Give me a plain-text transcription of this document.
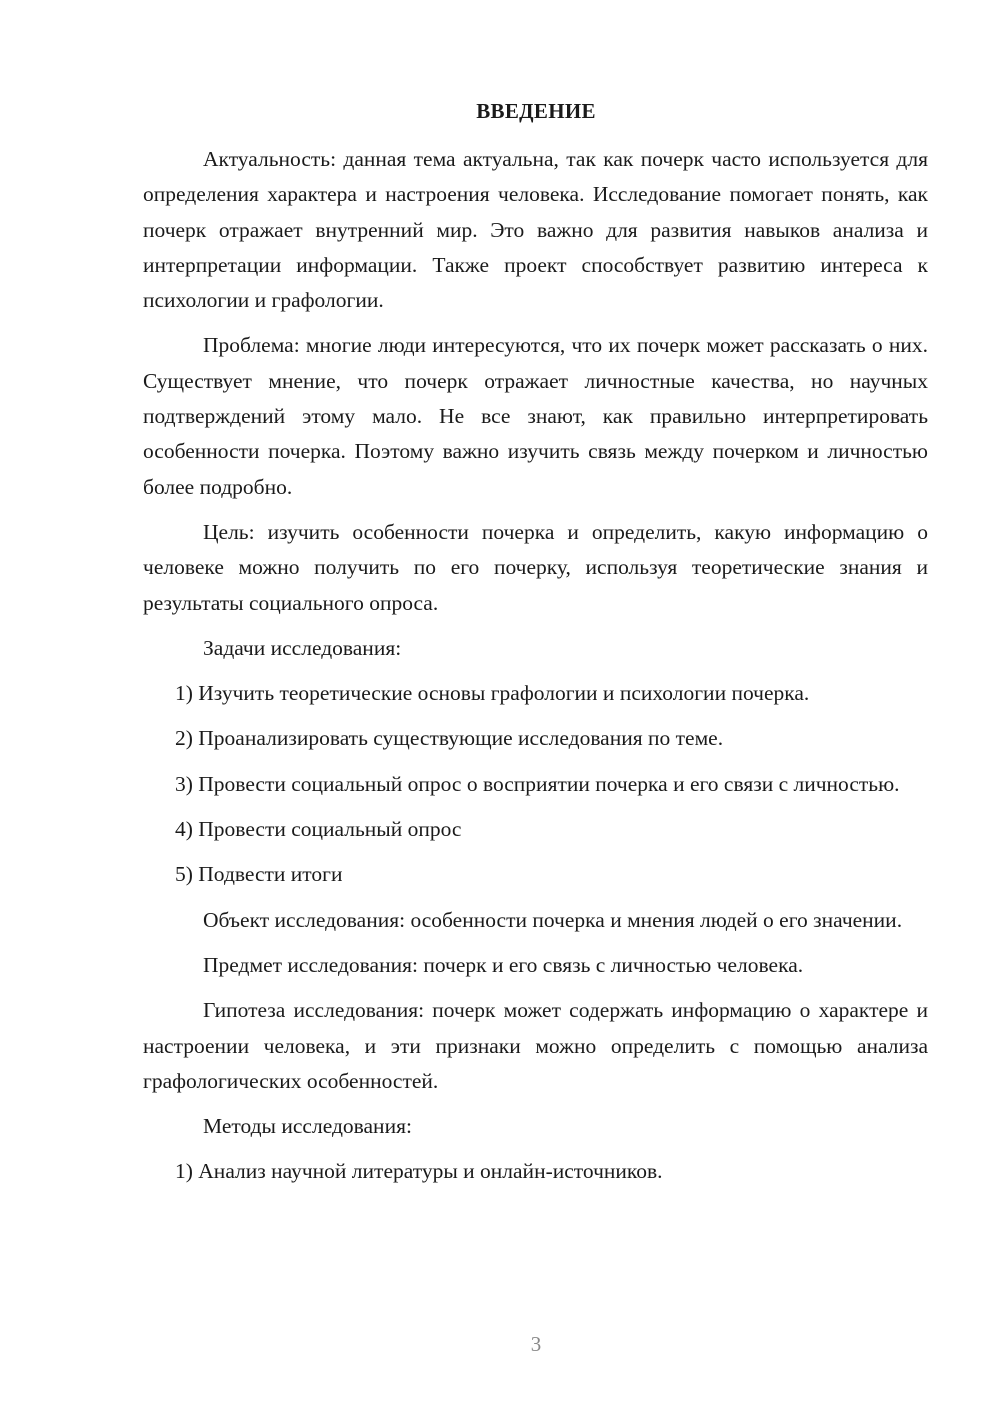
ВВЕДЕНИЕ

Актуальность: данная тема актуальна, так как почерк часто используется для определения характера и настроения человека. Исследование помогает понять, как почерк отражает внутренний мир. Это важно для развития навыков анализа и интерпретации информации. Также проект способствует развитию интереса к психологии и графологии.

Проблема: многие люди интересуются, что их почерк может рассказать о них. Существует мнение, что почерк отражает личностные качества, но научных подтверждений этому мало. Не все знают, как правильно интерпретировать особенности почерка. Поэтому важно изучить связь между почерком и личностью более подробно.

Цель: изучить особенности почерка и определить, какую информацию о человеке можно получить по его почерку, используя теоретические знания и результаты социального опроса.

Задачи исследования:

1) Изучить теоретические основы графологии и психологии почерка.

2) Проанализировать существующие исследования по теме.

3) Провести социальный опрос о восприятии почерка и его связи с личностью.

4) Провести социальный опрос

5) Подвести итоги

Объект исследования: особенности почерка и мнения людей о его значении.

Предмет исследования: почерк и его связь с личностью человека.

Гипотеза исследования: почерк может содержать информацию о характере и настроении человека, и эти признаки можно определить с помощью анализа графологических особенностей.

Методы исследования:

1) Анализ научной литературы и онлайн-источников.

3
